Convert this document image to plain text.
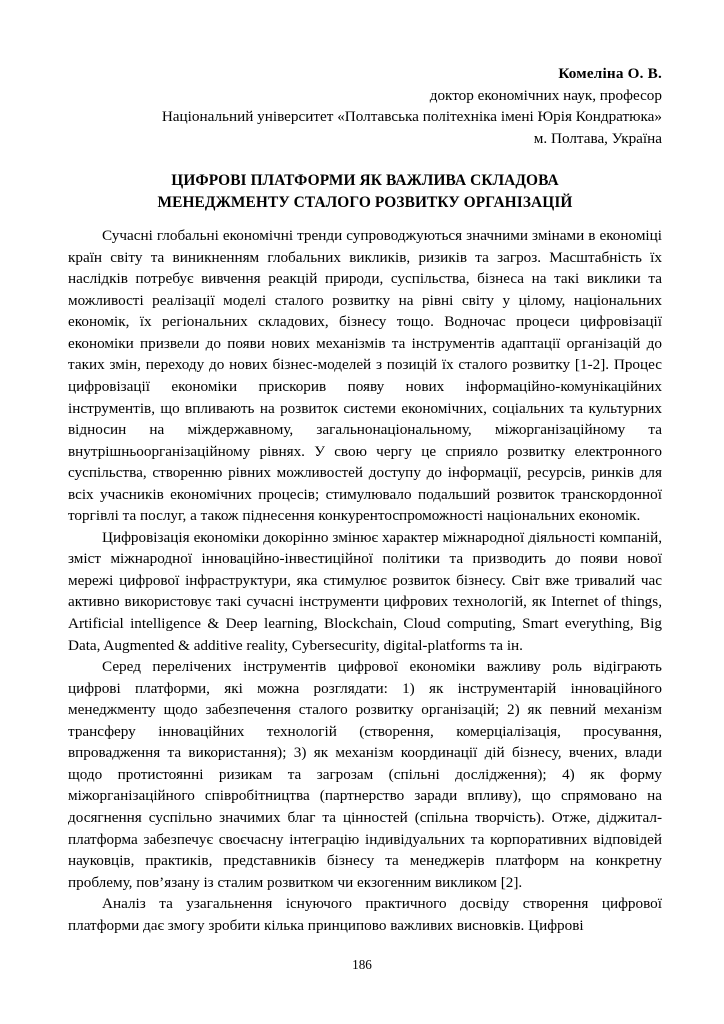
Комеліна О. В.
доктор економічних наук, професор
Національний університет «Полтавська політехніка імені Юрія Кондратюка»
м. Полтава, Україна
ЦИФРОВІ ПЛАТФОРМИ ЯК ВАЖЛИВА СКЛАДОВА
МЕНЕДЖМЕНТУ СТАЛОГО РОЗВИТКУ ОРГАНІЗАЦІЙ

Сучасні глобальні економічні тренди супроводжуються значними змінами в економіці країн світу та виникненням глобальних викликів, ризиків та загроз. Масштабність їх наслідків потребує вивчення реакцій природи, суспільства, бізнеса на такі виклики та можливості реалізації моделі сталого розвитку на рівні світу у цілому, національних економік, їх регіональних складових, бізнесу тощо. Водночас процеси цифровізації економіки призвели до появи нових механізмів та інструментів адаптації організацій до таких змін, переходу до нових бізнес-моделей з позицій їх сталого розвитку [1-2]. Процес цифровізації економіки прискорив появу нових інформаційно-комунікаційних інструментів, що впливають на розвиток системи економічних, соціальних та культурних відносин на міждержавному, загальнонаціональному, міжорганізаційному та внутрішньоорганізаційному рівнях. У свою чергу це сприяло розвитку електронного суспільства, створенню рівних можливостей доступу до інформації, ресурсів, ринків для всіх учасників економічних процесів; стимулювало подальший розвиток транскордонної торгівлі та послуг, а також піднесення конкурентоспроможності національних економік.

Цифровізація економіки докорінно змінює характер міжнародної діяльності компаній, зміст міжнародної інноваційно-інвестиційної політики та призводить до появи нової мережі цифрової інфраструктури, яка стимулює розвиток бізнесу. Світ вже тривалий час активно використовує такі сучасні інструменти цифрових технологій, як Internet of things, Artificial intelligence & Deep learning, Blockchain, Cloud computing, Smart everything, Big Data, Augmented & additive reality, Cybersecurity, digital-platforms та ін.

Серед перелічених інструментів цифрової економіки важливу роль відіграють цифрові платформи, які можна розглядати: 1) як інструментарій інноваційного менеджменту щодо забезпечення сталого розвитку організацій; 2) як певний механізм трансферу інноваційних технологій (створення, комерціалізація, просування, впровадження та використання); 3) як механізм координації дій бізнесу, вчених, влади щодо протистоянні ризикам та загрозам (спільні дослідження); 4) як форму міжорганізаційного співробітництва (партнерство заради впливу), що спрямовано на досягнення суспільно значимих благ та цінностей (спільна творчість). Отже, діджитал-платформа забезпечує своєчасну інтеграцію індивідуальних та корпоративних відповідей науковців, практиків, представників бізнесу та менеджерів платформ на конкретну проблему, пов’язану із сталим розвитком чи екзогенним викликом [2].

Аналіз та узагальнення існуючого практичного досвіду створення цифрової платформи дає змогу зробити кілька принципово важливих висновків. Цифрові

186
